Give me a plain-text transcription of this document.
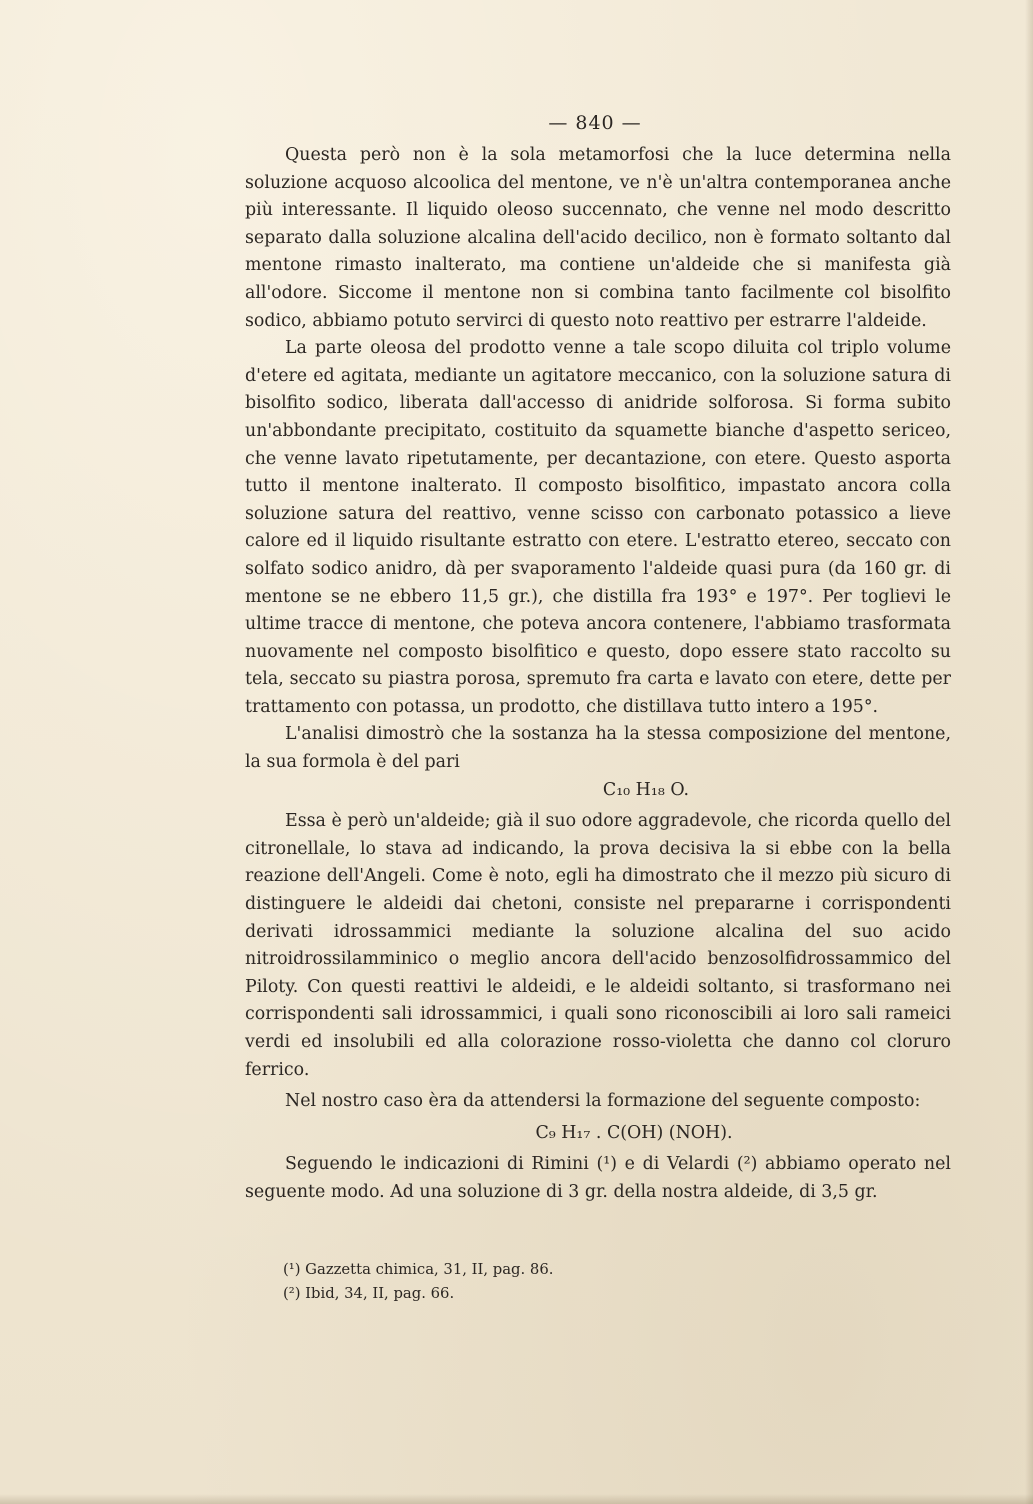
— 840 —

Questa però non è la sola metamorfosi che la luce determina nella soluzione acquoso alcoolica del mentone, ve n'è un'altra contemporanea anche più interessante. Il liquido oleoso succennato, che venne nel modo descritto separato dalla soluzione alcalina dell'acido decilico, non è formato soltanto dal mentone rimasto inalterato, ma contiene un'aldeide che si manifesta già all'odore. Siccome il mentone non si combina tanto facilmente col bisolfito sodico, abbiamo potuto servirci di questo noto reattivo per estrarre l'aldeide.

La parte oleosa del prodotto venne a tale scopo diluita col triplo volume d'etere ed agitata, mediante un agitatore meccanico, con la soluzione satura di bisolfito sodico, liberata dall'accesso di anidride solforosa. Si forma subito un'abbondante precipitato, costituito da squamette bianche d'aspetto sericeo, che venne lavato ripetutamente, per decantazione, con etere. Questo asporta tutto il mentone inalterato. Il composto bisolfitico, impastato ancora colla soluzione satura del reattivo, venne scisso con carbonato potassico a lieve calore ed il liquido risultante estratto con etere. L'estratto etereo, seccato con solfato sodico anidro, dà per svaporamento l'aldeide quasi pura (da 160 gr. di mentone se ne ebbero 11,5 gr.), che distilla fra 193° e 197°. Per toglievi le ultime tracce di mentone, che poteva ancora contenere, l'abbiamo trasformata nuovamente nel composto bisolfitico e questo, dopo essere stato raccolto su tela, seccato su piastra porosa, spremuto fra carta e lavato con etere, dette per trattamento con potassa, un prodotto, che distillava tutto intero a 195°.

L'analisi dimostrò che la sostanza ha la stessa composizione del mentone, la sua formola è del pari

C₁₀ H₁₈ O.

Essa è però un'aldeide; già il suo odore aggradevole, che ricorda quello del citronellale, lo stava ad indicando, la prova decisiva la si ebbe con la bella reazione dell'Angeli. Come è noto, egli ha dimostrato che il mezzo più sicuro di distinguere le aldeidi dai chetoni, consiste nel prepararne i corrispondenti derivati idrossammici mediante la soluzione alcalina del suo acido nitroidrossilamminico o meglio ancora dell'acido benzosolfidrossammico del Piloty. Con questi reattivi le aldeidi, e le aldeidi soltanto, si trasformano nei corrispondenti sali idrossammici, i quali sono riconoscibili ai loro sali rameici verdi ed insolubili ed alla colorazione rosso-violetta che danno col cloruro ferrico.

Nel nostro caso èra da attendersi la formazione del seguente composto:

C₉ H₁₇ . C(OH) (NOH).

Seguendo le indicazioni di Rimini (¹) e di Velardi (²) abbiamo operato nel seguente modo. Ad una soluzione di 3 gr. della nostra aldeide, di 3,5 gr.

(¹) Gazzetta chimica, 31, II, pag. 86.

(²) Ibid, 34, II, pag. 66.
